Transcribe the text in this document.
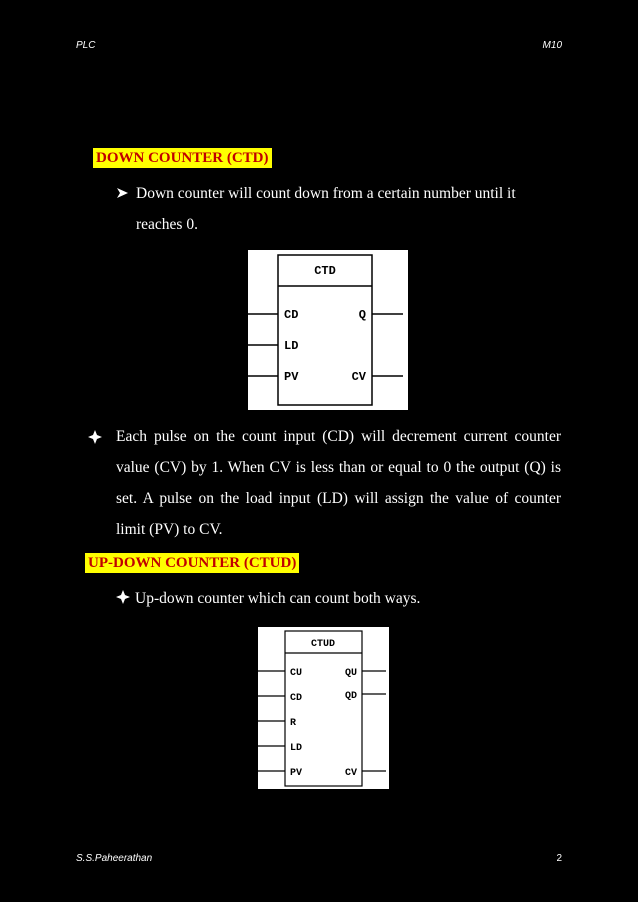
PLC	M10
DOWN COUNTER (CTD)
Down counter will count down from a certain number until it
reaches 0.
CTD
CD
LD
PV
Q
CV
Each pulse on the count input (CD) will decrement current counter value (CV) by 1. When CV is less than or equal to 0 the output (Q) is set. A pulse on the load input (LD) will assign the value of counter limit (PV) to CV.
UP-DOWN COUNTER (CTUD)
Up-down counter which can count both ways.
CTUD
CU
CD
R
LD
PV
QU
QD
CV
S.S.Paheerathan	2
